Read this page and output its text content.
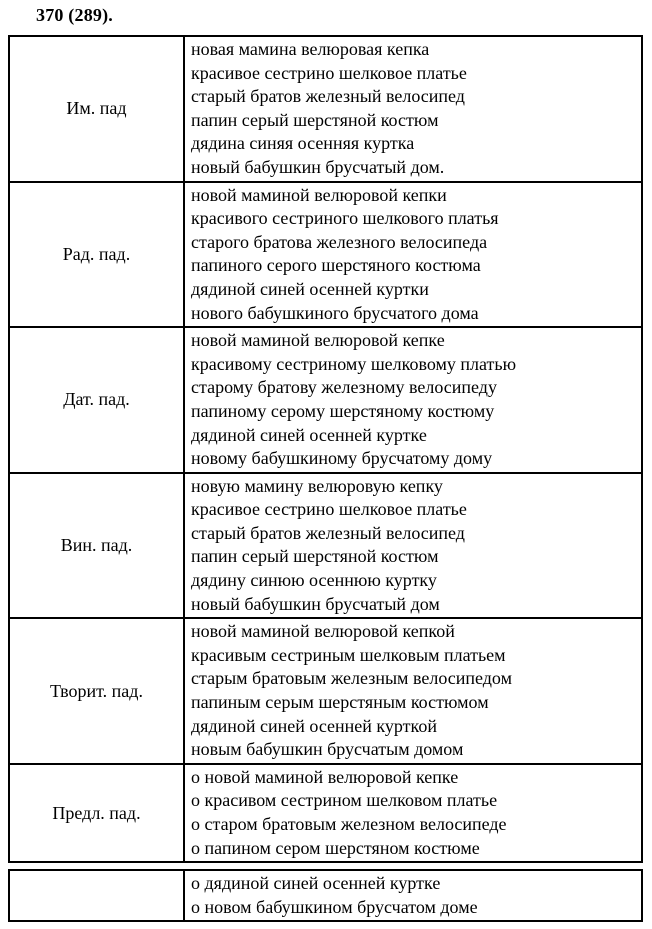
370 (289).
Им. пад
новая мамина велюровая кепка
красивое сестрино шелковое платье
старый братов железный велосипед
папин серый шерстяной костюм
дядина синяя осенняя куртка
новый бабушкин брусчатый дом.
Рад. пад.
новой маминой велюровой кепки
красивого сестриного шелкового платья
старого братова железного велосипеда
папиного серого шерстяного костюма
дядиной синей осенней куртки
нового бабушкиного брусчатого дома
Дат. пад.
новой маминой велюровой кепке
красивому сестриному шелковому платью
старому братову железному велосипеду
папиному серому шерстяному костюму
дядиной синей осенней куртке
новому бабушкиному брусчатому дому
Вин. пад.
новую мамину велюровую кепку
красивое сестрино шелковое платье
старый братов железный велосипед
папин серый шерстяной костюм
дядину синюю осеннюю куртку
новый бабушкин брусчатый дом
Творит. пад.
новой маминой велюровой кепкой
красивым сестриным шелковым платьем
старым братовым железным велосипедом
папиным серым шерстяным костюмом
дядиной синей осенней курткой
новым бабушкин брусчатым домом
Предл. пад.
о новой маминой велюровой кепке
о красивом сестрином шелковом платье
о старом братовым железном велосипеде
о папином сером шерстяном костюме
о дядиной синей осенней куртке
о новом бабушкином брусчатом доме
